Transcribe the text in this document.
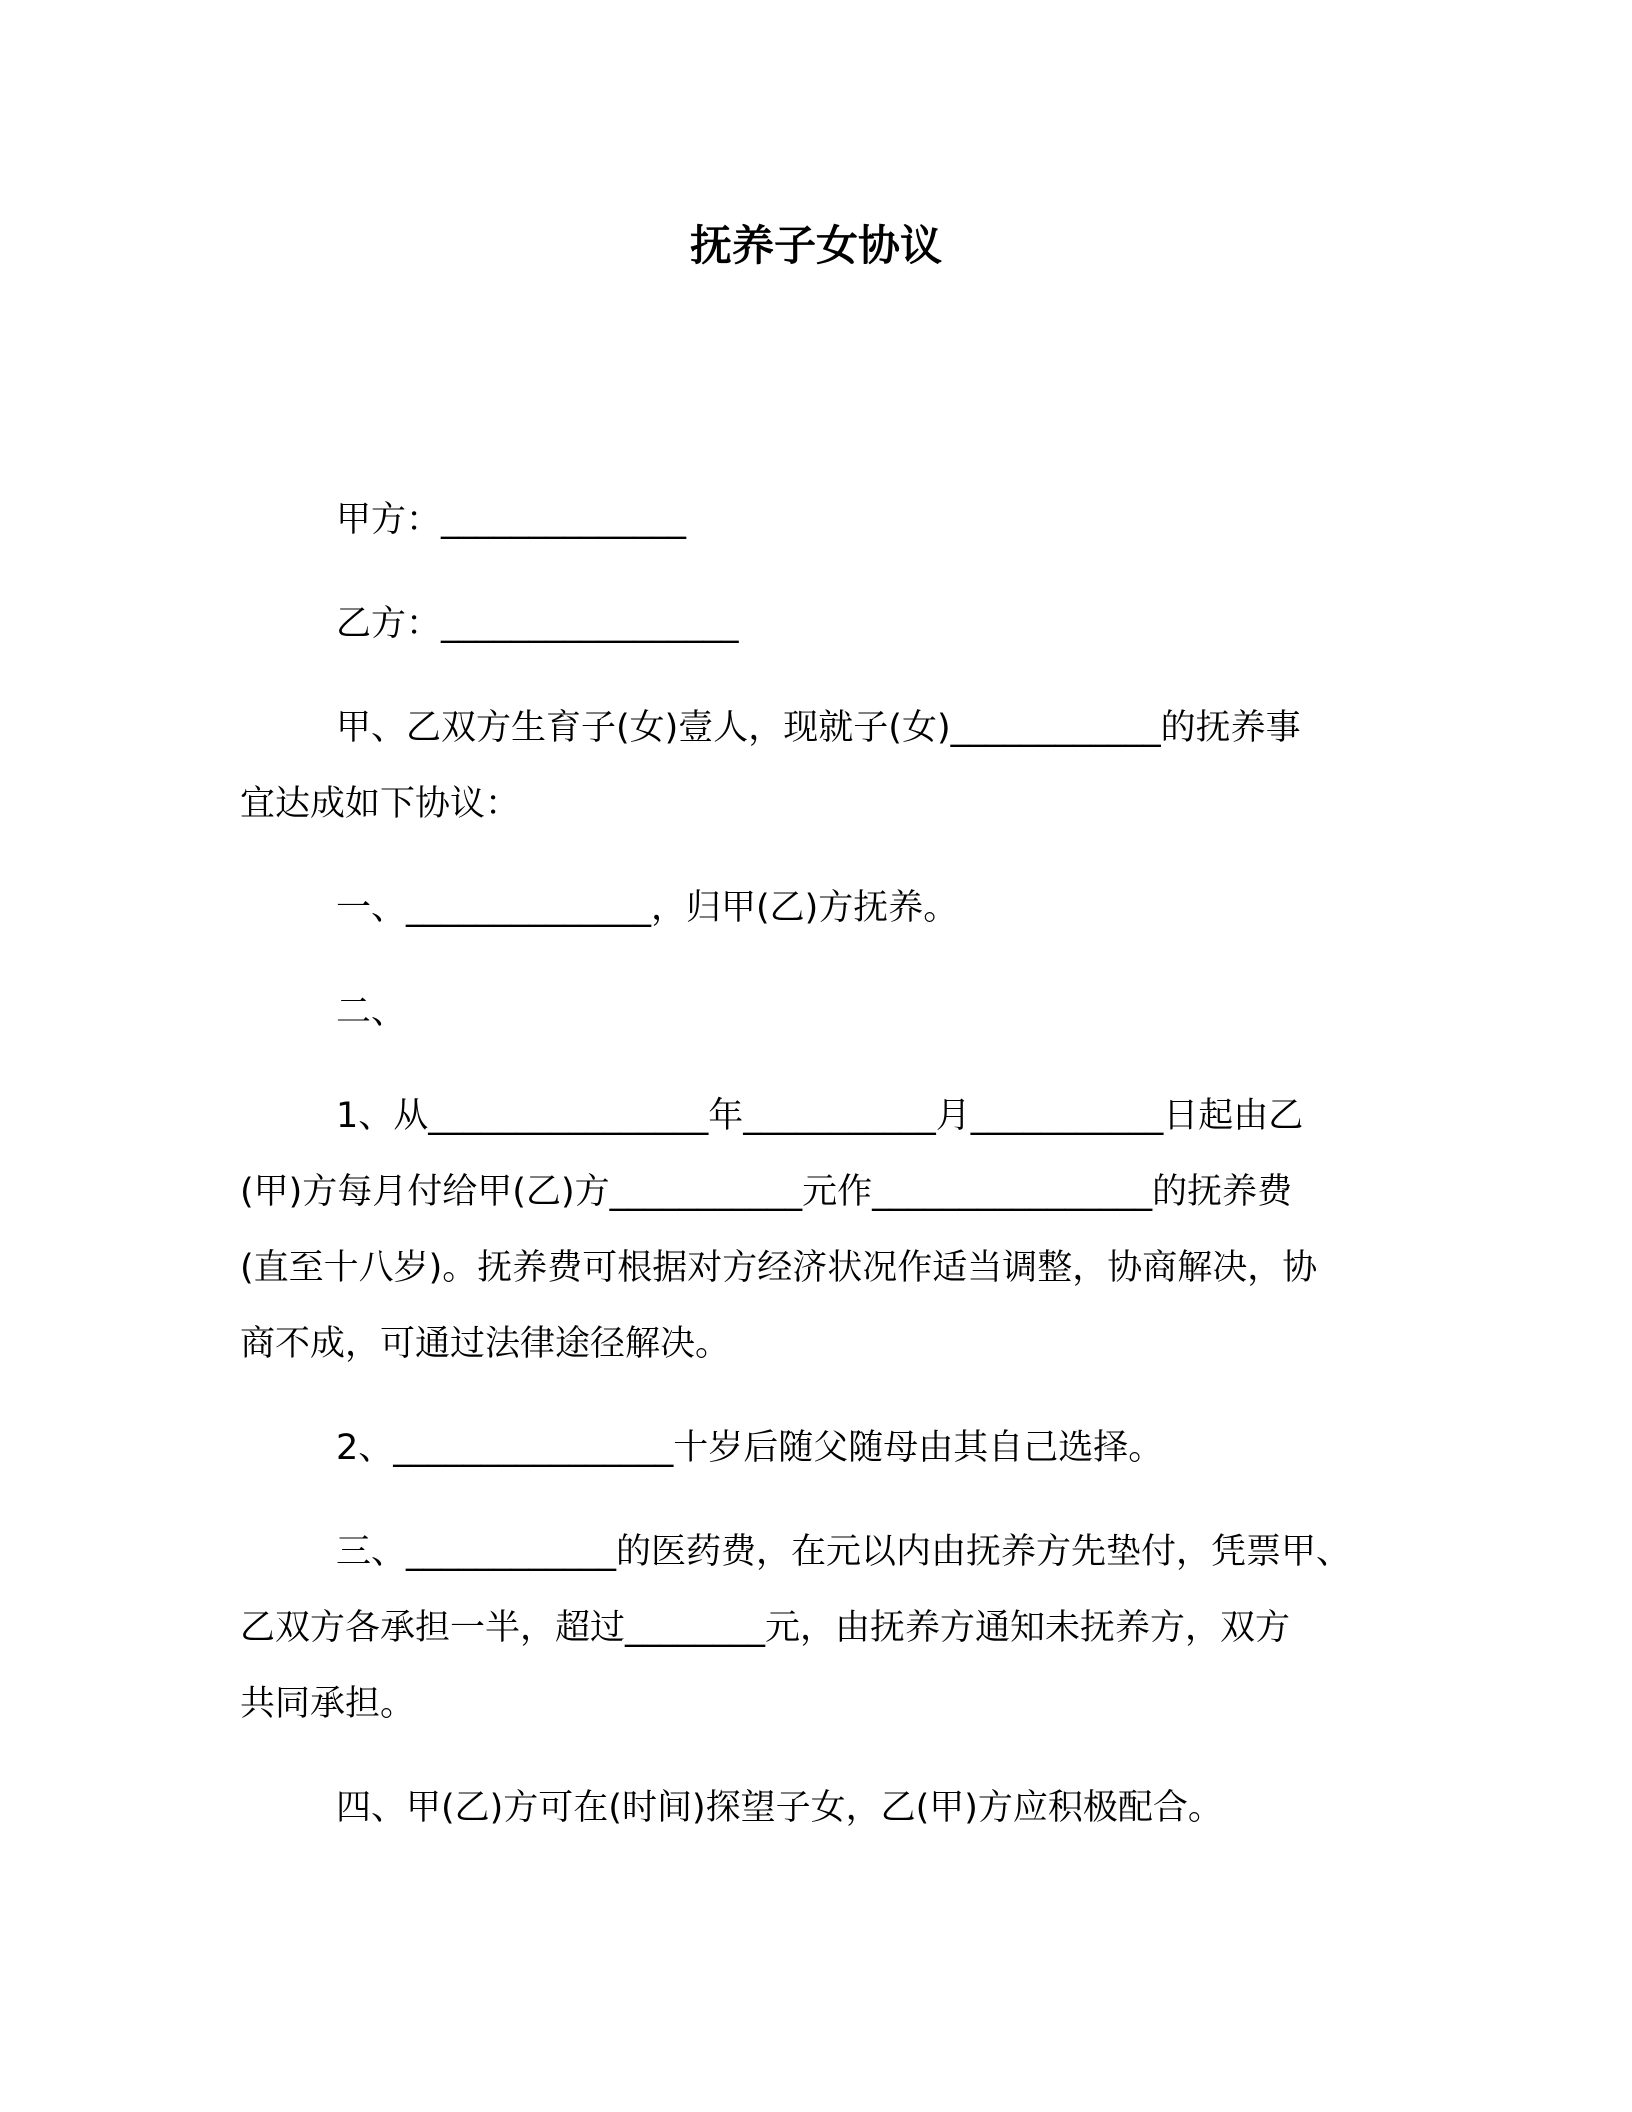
抚养子女协议

甲方：______________

乙方：_________________

甲、乙双方生育子(女)壹人，现就子(女)____________的抚养事

宜达成如下协议：

一、______________，归甲(乙)方抚养。

二、

1、从________________年___________月___________日起由乙

(甲)方每月付给甲(乙)方___________元作________________的抚养费

(直至十八岁)。抚养费可根据对方经济状况作适当调整，协商解决，协

商不成，可通过法律途径解决。

2、________________十岁后随父随母由其自己选择。

三、____________的医药费，在元以内由抚养方先垫付，凭票甲、

乙双方各承担一半，超过________元，由抚养方通知未抚养方，双方

共同承担。

四、甲(乙)方可在(时间)探望子女，乙(甲)方应积极配合。
